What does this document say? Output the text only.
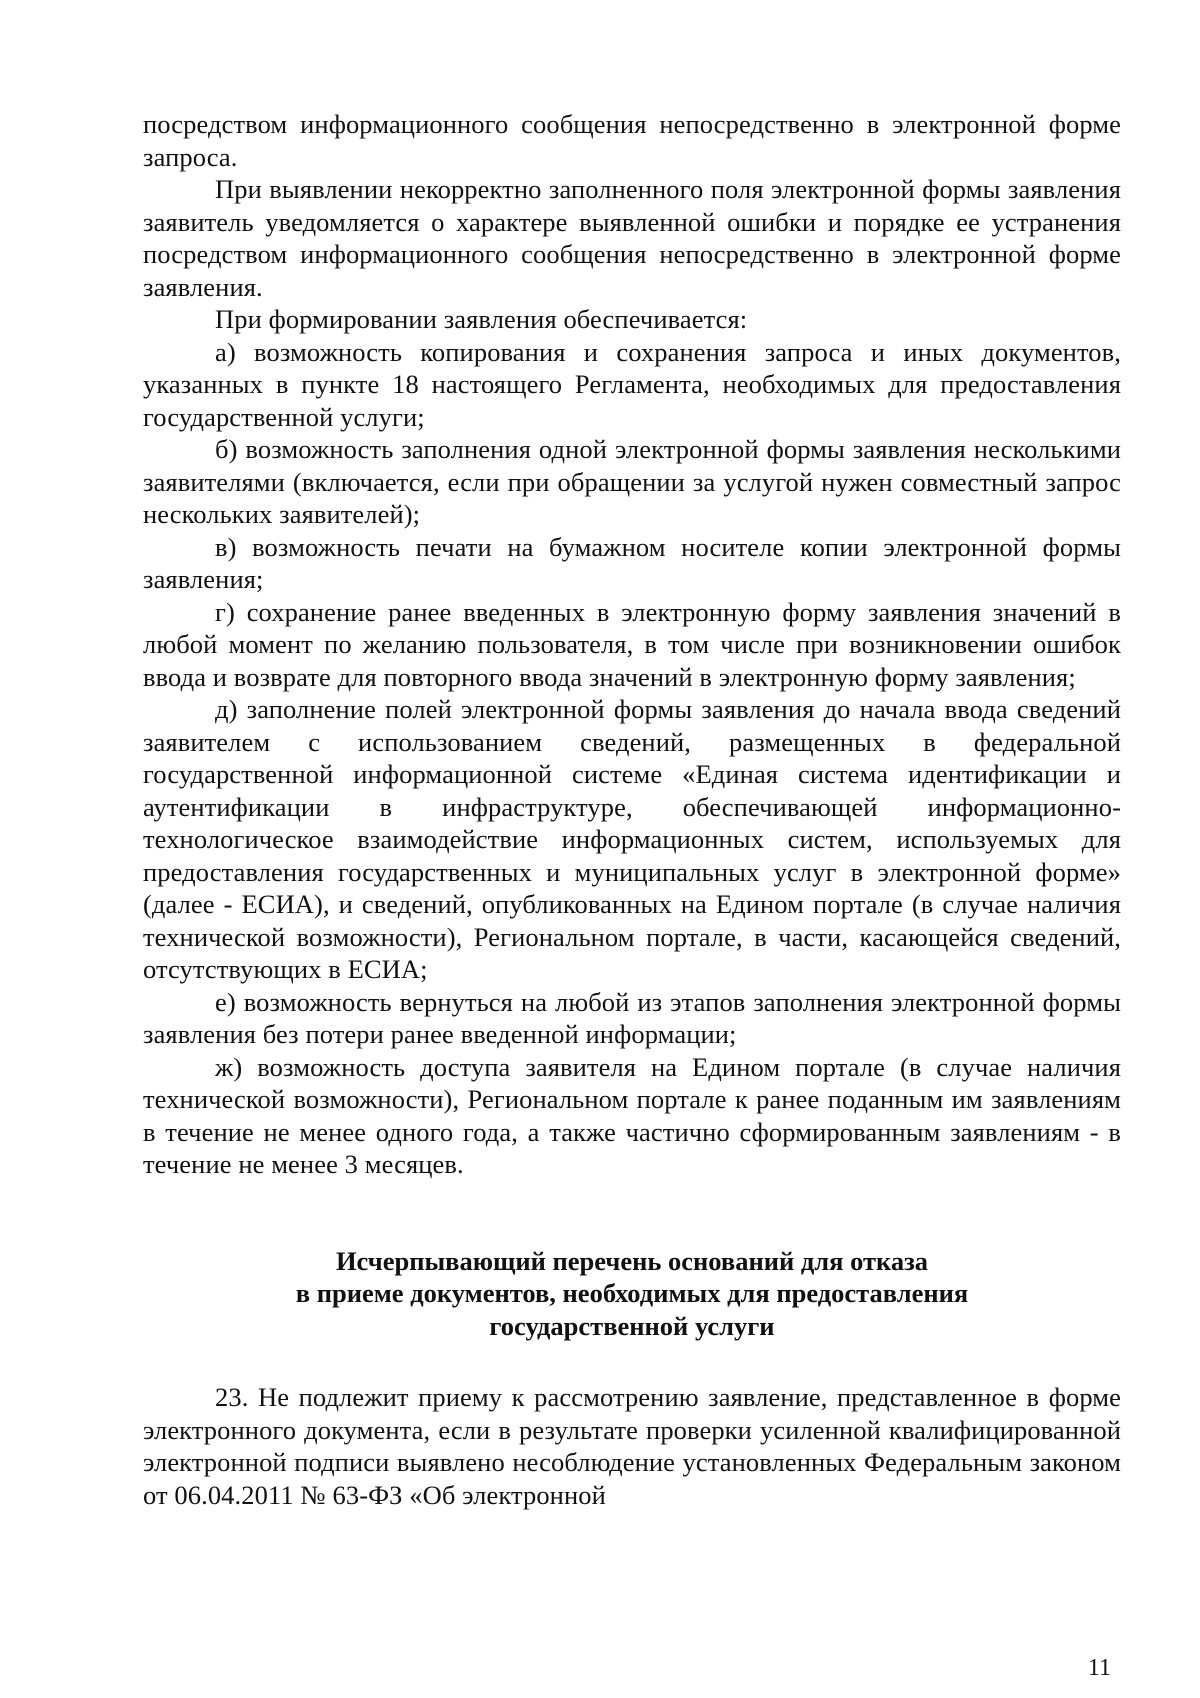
посредством информационного сообщения непосредственно в электронной форме запроса.

При выявлении некорректно заполненного поля электронной формы заявления заявитель уведомляется о характере выявленной ошибки и порядке ее устранения посредством информационного сообщения непосредственно в электронной форме заявления.

При формировании заявления обеспечивается:

а) возможность копирования и сохранения запроса и иных документов, указанных в пункте 18 настоящего Регламента, необходимых для предоставления государственной услуги;

б) возможность заполнения одной электронной формы заявления несколькими заявителями (включается, если при обращении за услугой нужен совместный запрос нескольких заявителей);

в) возможность печати на бумажном носителе копии электронной формы заявления;

г) сохранение ранее введенных в электронную форму заявления значений в любой момент по желанию пользователя, в том числе при возникновении ошибок ввода и возврате для повторного ввода значений в электронную форму заявления;

д) заполнение полей электронной формы заявления до начала ввода сведений заявителем с использованием сведений, размещенных в федеральной государственной информационной системе «Единая система идентификации и аутентификации в инфраструктуре, обеспечивающей информационно-технологическое взаимодействие информационных систем, используемых для предоставления государственных и муниципальных услуг в электронной форме» (далее - ЕСИА), и сведений, опубликованных на Едином портале (в случае наличия технической возможности), Региональном портале, в части, касающейся сведений, отсутствующих в ЕСИА;

е) возможность вернуться на любой из этапов заполнения электронной формы заявления без потери ранее введенной информации;

ж) возможность доступа заявителя на Едином портале (в случае наличия технической возможности), Региональном портале к ранее поданным им заявлениям в течение не менее одного года, а также частично сформированным заявлениям - в течение не менее 3 месяцев.

Исчерпывающий перечень оснований для отказа
в приеме документов, необходимых для предоставления
государственной услуги

23. Не подлежит приему к рассмотрению заявление, представленное в форме электронного документа, если в результате проверки усиленной квалифицированной электронной подписи выявлено несоблюдение установленных Федеральным законом от 06.04.2011 № 63-ФЗ «Об электронной

11
